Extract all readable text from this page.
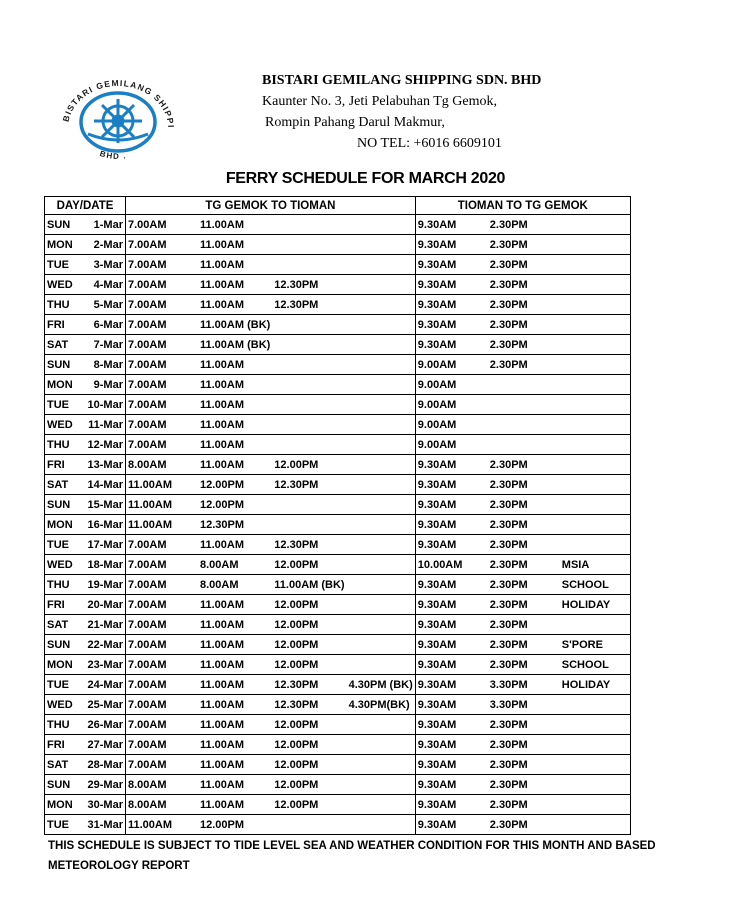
BISTARI GEMILANG SHIPPI
BHD .
BISTARI GEMILANG SHIPPING SDN. BHD
Kaunter No. 3, Jeti Pelabuhan Tg Gemok,
Rompin Pahang Darul Makmur,
NO TEL: +6016 6609101
FERRY SCHEDULE FOR MARCH 2020
DAY/DATE		TG GEMOK TO TIOMAN				TIOMAN TO TG GEMOK		
SUN	1-Mar	7.00AM	11.00AM			9.30AM	2.30PM	
MON	2-Mar	7.00AM	11.00AM			9.30AM	2.30PM	
TUE	3-Mar	7.00AM	11.00AM			9.30AM	2.30PM	
WED	4-Mar	7.00AM	11.00AM	12.30PM		9.30AM	2.30PM	
THU	5-Mar	7.00AM	11.00AM	12.30PM		9.30AM	2.30PM	
FRI	6-Mar	7.00AM	11.00AM (BK)			9.30AM	2.30PM	
SAT	7-Mar	7.00AM	11.00AM (BK)			9.30AM	2.30PM	
SUN	8-Mar	7.00AM	11.00AM			9.00AM	2.30PM	
MON	9-Mar	7.00AM	11.00AM			9.00AM		
TUE	10-Mar	7.00AM	11.00AM			9.00AM		
WED	11-Mar	7.00AM	11.00AM			9.00AM		
THU	12-Mar	7.00AM	11.00AM			9.00AM		
FRI	13-Mar	8.00AM	11.00AM	12.00PM		9.30AM	2.30PM	
SAT	14-Mar	11.00AM	12.00PM	12.30PM		9.30AM	2.30PM	
SUN	15-Mar	11.00AM	12.00PM			9.30AM	2.30PM	
MON	16-Mar	11.00AM	12.30PM			9.30AM	2.30PM	
TUE	17-Mar	7.00AM	11.00AM	12.30PM		9.30AM	2.30PM	
WED	18-Mar	7.00AM	8.00AM	12.00PM		10.00AM	2.30PM	MSIA
THU	19-Mar	7.00AM	8.00AM	11.00AM (BK)		9.30AM	2.30PM	SCHOOL
FRI	20-Mar	7.00AM	11.00AM	12.00PM		9.30AM	2.30PM	HOLIDAY
SAT	21-Mar	7.00AM	11.00AM	12.00PM		9.30AM	2.30PM	
SUN	22-Mar	7.00AM	11.00AM	12.00PM		9.30AM	2.30PM	S'PORE
MON	23-Mar	7.00AM	11.00AM	12.00PM		9.30AM	2.30PM	SCHOOL
TUE	24-Mar	7.00AM	11.00AM	12.30PM	4.30PM (BK)	9.30AM	3.30PM	HOLIDAY
WED	25-Mar	7.00AM	11.00AM	12.30PM	4.30PM(BK)	9.30AM	3.30PM	
THU	26-Mar	7.00AM	11.00AM	12.00PM		9.30AM	2.30PM	
FRI	27-Mar	7.00AM	11.00AM	12.00PM		9.30AM	2.30PM	
SAT	28-Mar	7.00AM	11.00AM	12.00PM		9.30AM	2.30PM	
SUN	29-Mar	8.00AM	11.00AM	12.00PM		9.30AM	2.30PM	
MON	30-Mar	8.00AM	11.00AM	12.00PM		9.30AM	2.30PM	
TUE	31-Mar	11.00AM	12.00PM			9.30AM	2.30PM	
THIS SCHEDULE IS SUBJECT TO TIDE LEVEL SEA AND WEATHER CONDITION FOR THIS MONTH AND BASED METEOROLOGY REPORT
